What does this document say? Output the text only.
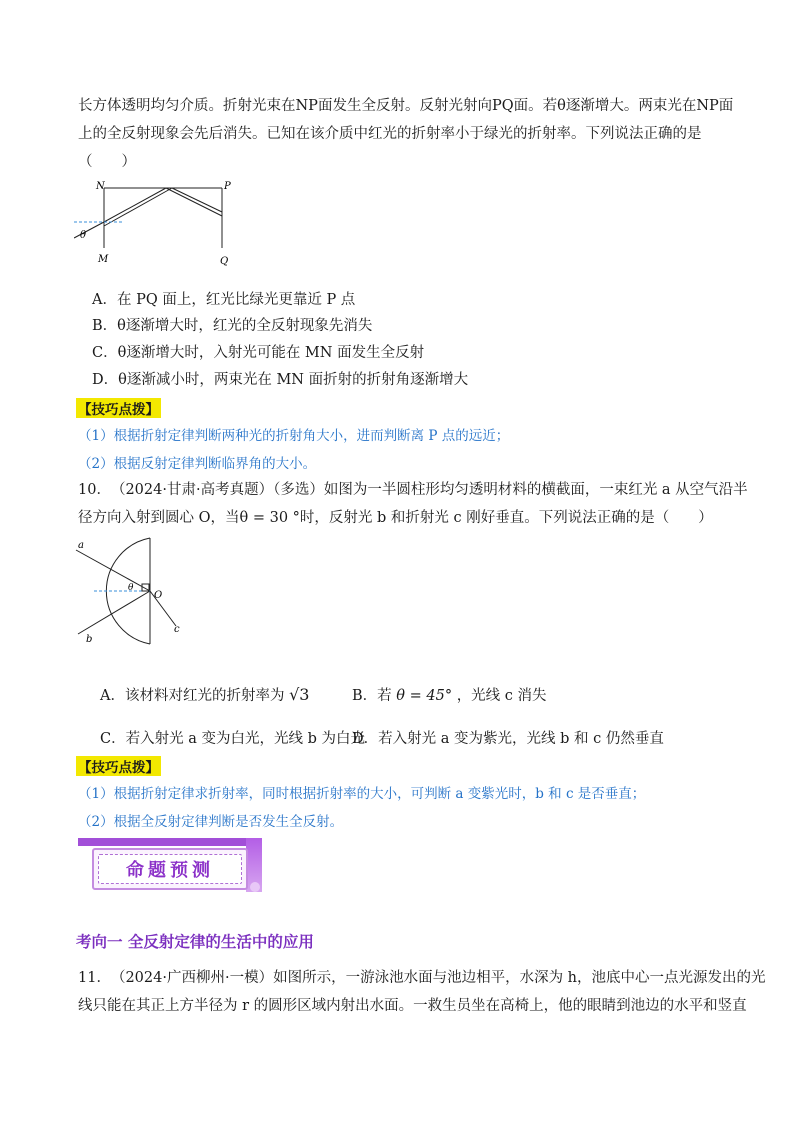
长方体透明均匀介质。折射光束在NP面发生全反射。反射光射向PQ面。若θ逐渐增大。两束光在NP面
上的全反射现象会先后消失。已知在该介质中红光的折射率小于绿光的折射率。下列说法正确的是
（　　）
N	P
M	Q
θ
A．在 PQ 面上，红光比绿光更靠近 P 点
B．θ逐渐增大时，红光的全反射现象先消失
C．θ逐渐增大时，入射光可能在 MN 面发生全反射
D．θ逐渐减小时，两束光在 MN 面折射的折射角逐渐增大
【技巧点拨】
（1）根据折射定律判断两种光的折射角大小，进而判断离 P 点的远近；
（2）根据反射定律判断临界角的大小。
10．　（2024·甘肃·高考真题）（多选）如图为一半圆柱形均匀透明材料的横截面，一束红光 a 从空气沿半
径方向入射到圆心 O，当θ = 30 °时，反射光 b 和折射光 c 刚好垂直。下列说法正确的是（　　）
a
b
c
O
θ
A．该材料对红光的折射率为 √3	B．若 θ = 45° ，光线 c 消失
C．若入射光 a 变为白光，光线 b 为白光
D．若入射光 a 变为紫光，光线 b 和 c 仍然垂直
【技巧点拨】
（1）根据折射定律求折射率，同时根据折射率的大小，可判断 a 变紫光时，b 和 c 是否垂直；
（2）根据全反射定律判断是否发生全反射。
命题预测
考向一 全反射定律的生活中的应用
11．　（2024·广西柳州·一模）如图所示，一游泳池水面与池边相平，水深为 h，池底中心一点光源发出的光
线只能在其正上方半径为 r 的圆形区域内射出水面。一救生员坐在高椅上，他的眼睛到池边的水平和竖直
